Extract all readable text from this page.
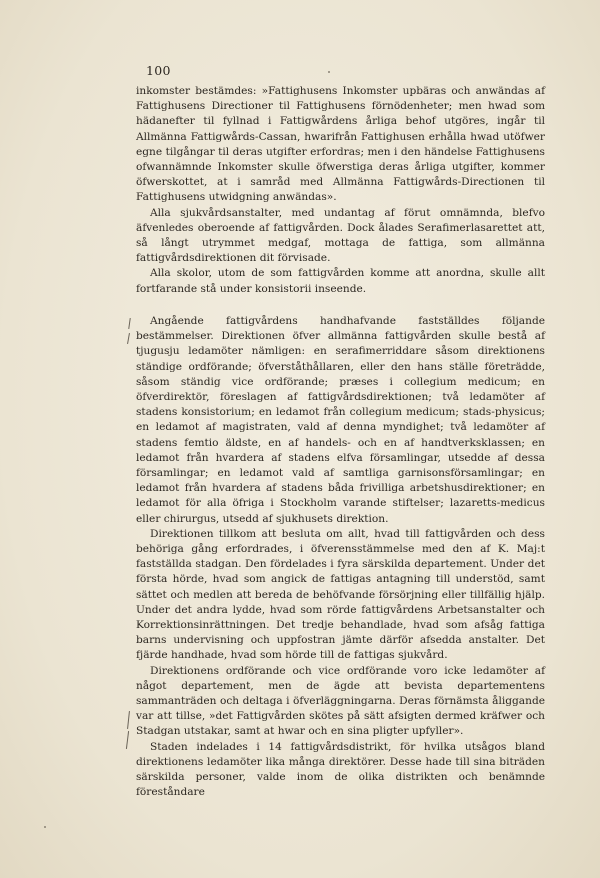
100

inkomster bestämdes: »Fattighusens Inkomster upbäras och anwändas af Fattighusens Directioner til Fattighusens förnödenheter; men hwad som hädanefter til fyllnad i Fattigwårdens årliga behof utgöres, ingår til Allmänna Fattigwårds-Cassan, hwarifrån Fattighusen erhålla hwad utöfwer egne tilgångar til deras utgifter erfordras; men i den händelse Fattighusens ofwannämnde Inkomster skulle öfwerstiga deras årliga utgifter, kommer öfwerskottet, at i samråd med Allmänna Fattigwårds-Directionen til Fattighusens utwidgning anwändas».

Alla sjukvårdsanstalter, med undantag af förut omnämnda, blefvo äfvenledes oberoende af fattigvården. Dock ålades Serafimerlasarettet att, så långt utrymmet medgaf, mottaga de fattiga, som allmänna fattigvårdsdirektionen dit förvisade.

Alla skolor, utom de som fattigvården komme att anordna, skulle allt fortfarande stå under konsistorii inseende.

Angående fattigvårdens handhafvande fastställdes följande bestämmelser. Direktionen öfver allmänna fattigvården skulle bestå af tjugusju ledamöter nämligen: en serafimerriddare såsom direktionens ständige ordförande; öfverståthållaren, eller den hans ställe företrädde, såsom ständig vice ordförande; præses i collegium medicum; en öfverdirektör, föreslagen af fattigvårdsdirektionen; två ledamöter af stadens konsistorium; en ledamot från collegium medicum; stads-physicus; en ledamot af magistraten, vald af denna myndighet; två ledamöter af stadens femtio äldste, en af handels- och en af handtverksklassen; en ledamot från hvardera af stadens elfva församlingar, utsedde af dessa församlingar; en ledamot vald af samtliga garnisonsförsamlingar; en ledamot från hvardera af stadens båda frivilliga arbetshusdirektioner; en ledamot för alla öfriga i Stockholm varande stiftelser; lazaretts-medicus eller chirurgus, utsedd af sjukhusets direktion.

Direktionen tillkom att besluta om allt, hvad till fattigvården och dess behöriga gång erfordrades, i öfverensstämmelse med den af K. Maj:t fastställda stadgan. Den fördelades i fyra särskilda departement. Under det första hörde, hvad som angick de fattigas antagning till understöd, samt sättet och medlen att bereda de behöfvande försörjning eller tillfällig hjälp. Under det andra lydde, hvad som rörde fattigvårdens Arbetsanstalter och Korrektionsinrättningen. Det tredje behandlade, hvad som afsåg fattiga barns undervisning och uppfostran jämte därför afsedda anstalter. Det fjärde handhade, hvad som hörde till de fattigas sjukvård.

Direktionens ordförande och vice ordförande voro icke ledamöter af något departement, men de ägde att bevista departementens sammanträden och deltaga i öfverläggningarna. Deras förnämsta åliggande var att tillse, »det Fattigvården skötes på sätt afsigten dermed kräfwer och Stadgan utstakar, samt at hwar och en sina pligter upfyller».

Staden indelades i 14 fattigvårdsdistrikt, för hvilka utsågos bland direktionens ledamöter lika många direktörer. Desse hade till sina biträden särskilda personer, valde inom de olika distrikten och benämnde föreståndare
